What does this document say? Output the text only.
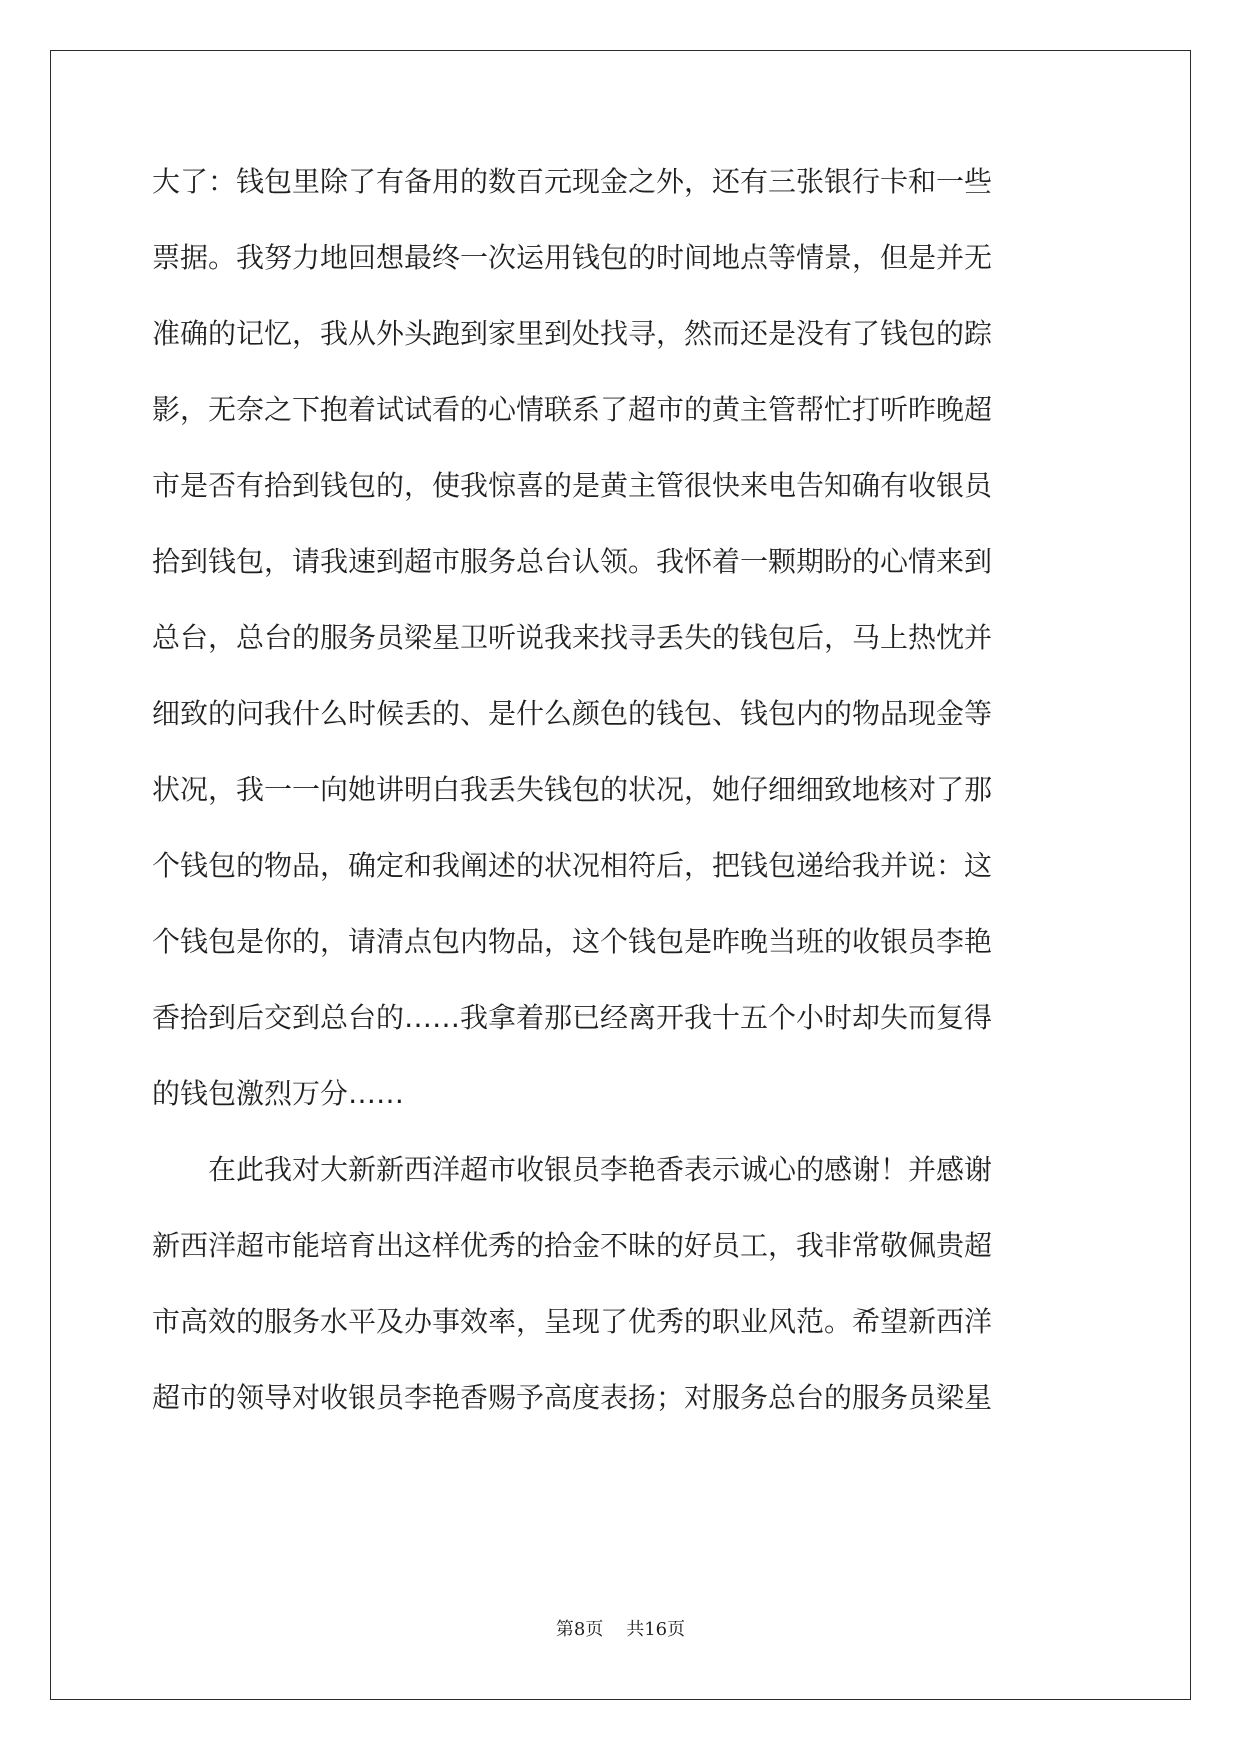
大了：钱包里除了有备用的数百元现金之外，还有三张银行卡和一些
票据。我努力地回想最终一次运用钱包的时间地点等情景，但是并无
准确的记忆，我从外头跑到家里到处找寻，然而还是没有了钱包的踪
影，无奈之下抱着试试看的心情联系了超市的黄主管帮忙打听昨晚超
市是否有拾到钱包的，使我惊喜的是黄主管很快来电告知确有收银员
拾到钱包，请我速到超市服务总台认领。我怀着一颗期盼的心情来到
总台，总台的服务员梁星卫听说我来找寻丢失的钱包后，马上热忱并
细致的问我什么时候丢的、是什么颜色的钱包、钱包内的物品现金等
状况，我一一向她讲明白我丢失钱包的状况，她仔细细致地核对了那
个钱包的物品，确定和我阐述的状况相符后，把钱包递给我并说：这
个钱包是你的，请清点包内物品，这个钱包是昨晚当班的收银员李艳
香拾到后交到总台的……我拿着那已经离开我十五个小时却失而复得
的钱包激烈万分……
在此我对大新新西洋超市收银员李艳香表示诚心的感谢！并感谢
新西洋超市能培育出这样优秀的拾金不昧的好员工，我非常敬佩贵超
市高效的服务水平及办事效率，呈现了优秀的职业风范。希望新西洋
超市的领导对收银员李艳香赐予高度表扬；对服务总台的服务员梁星
第8页 共16页
